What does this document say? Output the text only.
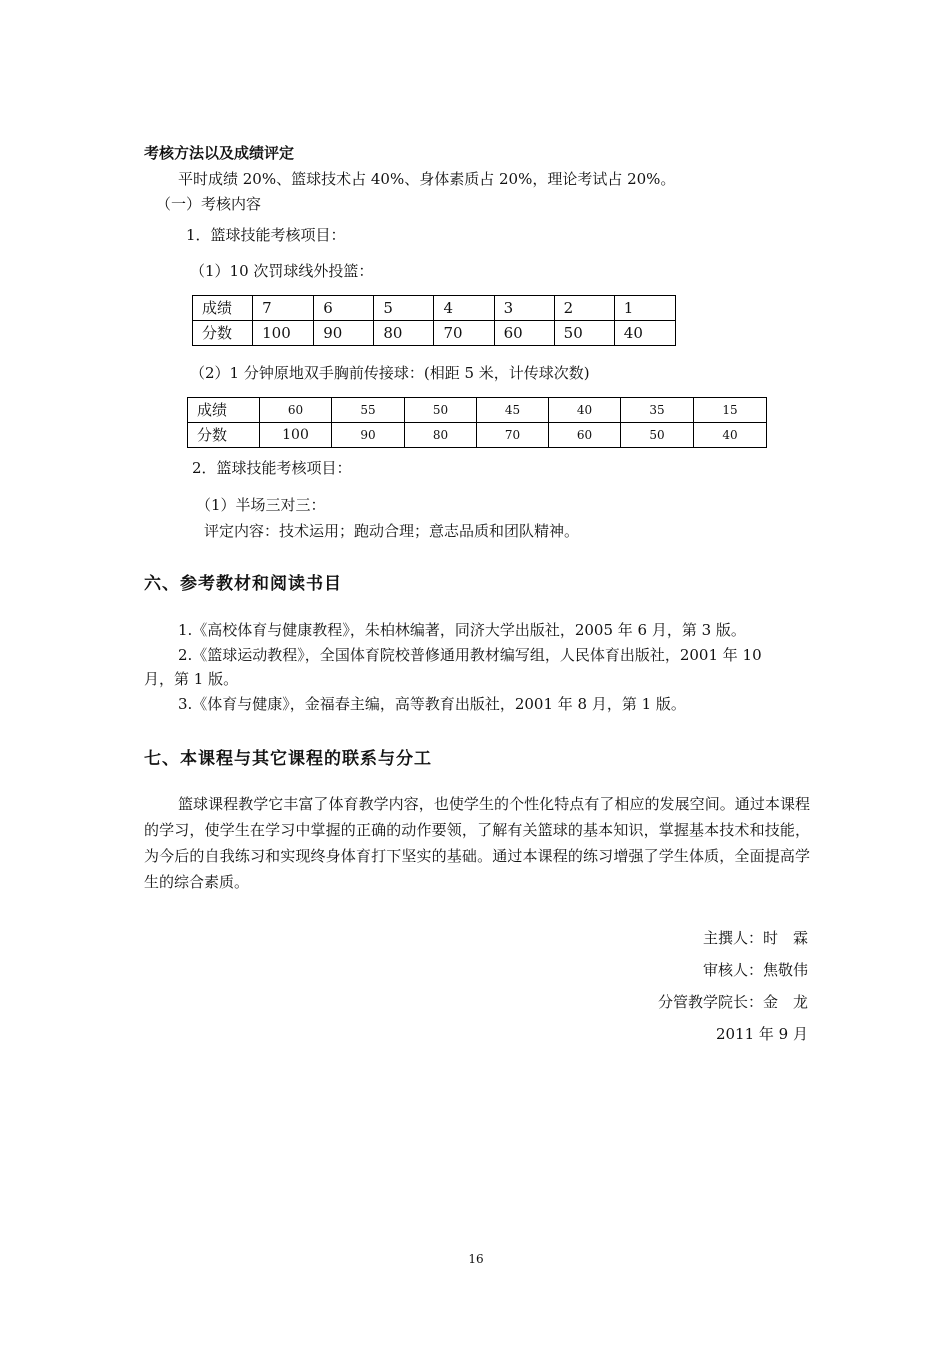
考核方法以及成绩评定
平时成绩 20%、篮球技术占 40%、身体素质占 20%，理论考试占 20%。
（一）考核内容
1．篮球技能考核项目：
（1）10 次罚球线外投篮：
成绩	7	6	5	4	3	2	1
分数	100	90	80	70	60	50	40
（2）1 分钟原地双手胸前传接球：(相距 5 米，计传球次数)
成绩	60	55	50	45	40	35	15
分数	100	90	80	70	60	50	40
2．篮球技能考核项目：
（1）半场三对三：
评定内容：技术运用；跑动合理；意志品质和团队精神。
六、参考教材和阅读书目
1.《高校体育与健康教程》，朱柏林编著，同济大学出版社，2005 年 6 月，第 3 版。
2.《篮球运动教程》，全国体育院校普修通用教材编写组，人民体育出版社，2001 年 10
月，第 1 版。
3.《体育与健康》，金福春主编，高等教育出版社，2001 年 8 月，第 1 版。
七、本课程与其它课程的联系与分工
篮球课程教学它丰富了体育教学内容，也使学生的个性化特点有了相应的发展空间。通过本课程的学习，使学生在学习中掌握的正确的动作要领，了解有关篮球的基本知识，掌握基本技术和技能，为今后的自我练习和实现终身体育打下坚实的基础。通过本课程的练习增强了学生体质，全面提高学生的综合素质。
主撰人：时　霖
审核人：焦敬伟
分管教学院长：金　龙
2011 年 9 月
16
